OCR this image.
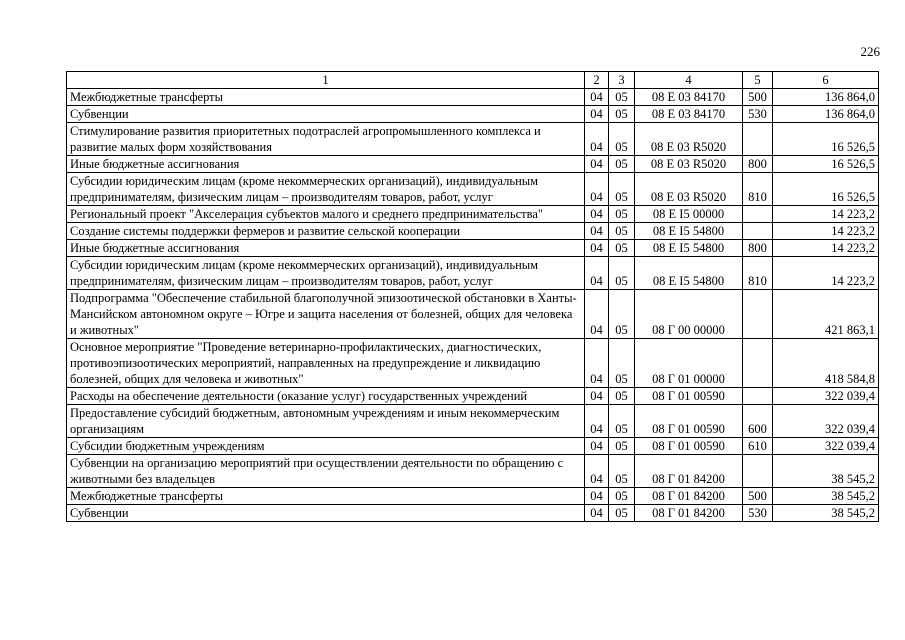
226
1	2	3	4	5	6
Межбюджетные трансферты	04	05	08 Е 03 84170	500	136 864,0
Субвенции	04	05	08 Е 03 84170	530	136 864,0
Стимулирование развития приоритетных подотраслей агропромышленного комплекса и развитие малых форм хозяйствования	04	05	08 Е 03 R5020		16 526,5
Иные бюджетные ассигнования	04	05	08 Е 03 R5020	800	16 526,5
Субсидии юридическим лицам (кроме некоммерческих организаций), индивидуальным предпринимателям, физическим лицам – производителям товаров, работ, услуг	04	05	08 Е 03 R5020	810	16 526,5
Региональный проект "Акселерация субъектов малого и среднего предпринимательства"	04	05	08 Е I5 00000		14 223,2
Создание системы поддержки фермеров и развитие сельской кооперации	04	05	08 Е I5 54800		14 223,2
Иные бюджетные ассигнования	04	05	08 Е I5 54800	800	14 223,2
Субсидии юридическим лицам (кроме некоммерческих организаций), индивидуальным предпринимателям, физическим лицам – производителям товаров, работ, услуг	04	05	08 Е I5 54800	810	14 223,2
Подпрограмма "Обеспечение стабильной благополучной эпизоотической обстановки в Ханты-Мансийском автономном округе – Югре и защита населения от болезней, общих для человека и животных"	04	05	08 Г 00 00000		421 863,1
Основное мероприятие "Проведение ветеринарно-профилактических, диагностических, противоэпизоотических мероприятий, направленных на предупреждение и ликвидацию болезней, общих для человека и животных"	04	05	08 Г 01 00000		418 584,8
Расходы на обеспечение деятельности (оказание услуг) государственных учреждений	04	05	08 Г 01 00590		322 039,4
Предоставление субсидий бюджетным, автономным учреждениям и иным некоммерческим организациям	04	05	08 Г 01 00590	600	322 039,4
Субсидии бюджетным учреждениям	04	05	08 Г 01 00590	610	322 039,4
Субвенции на организацию мероприятий при осуществлении деятельности по обращению с животными без владельцев	04	05	08 Г 01 84200		38 545,2
Межбюджетные трансферты	04	05	08 Г 01 84200	500	38 545,2
Субвенции	04	05	08 Г 01 84200	530	38 545,2
